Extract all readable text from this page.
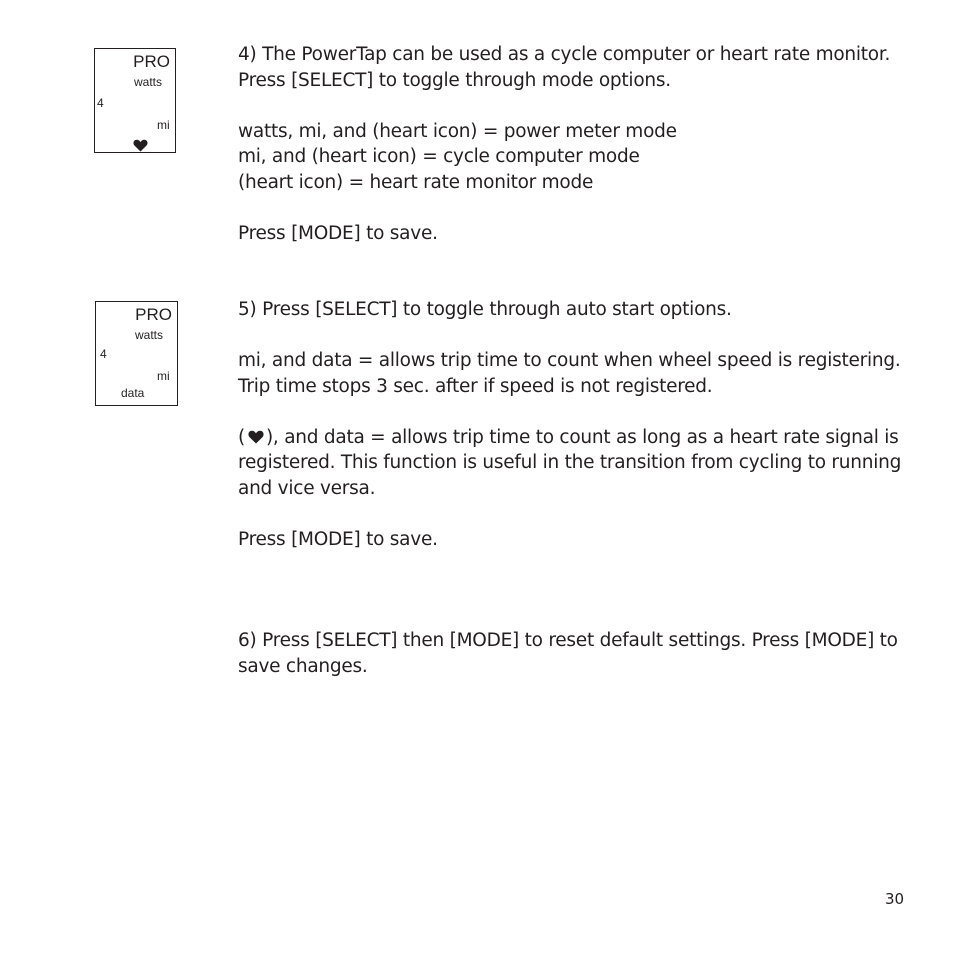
PRO
watts
4
mi

4) The PowerTap can be used as a cycle computer or heart rate monitor.

Press [SELECT] to toggle through mode options.

watts, mi, and (heart icon) = power meter mode

mi, and (heart icon) = cycle computer mode

(heart icon) = heart rate monitor mode

Press [MODE] to save.

PRO
watts
4
mi
data

5) Press [SELECT] to toggle through auto start options.

mi, and data = allows trip time to count when wheel speed is registering.

Trip time stops 3 sec. after if speed is not registered.

( ), and data = allows trip time to count as long as a heart rate signal is

registered. This function is useful in the transition from cycling to running

and vice versa.

Press [MODE] to save.

6) Press [SELECT] then [MODE] to reset default settings. Press [MODE] to

save changes.

30
